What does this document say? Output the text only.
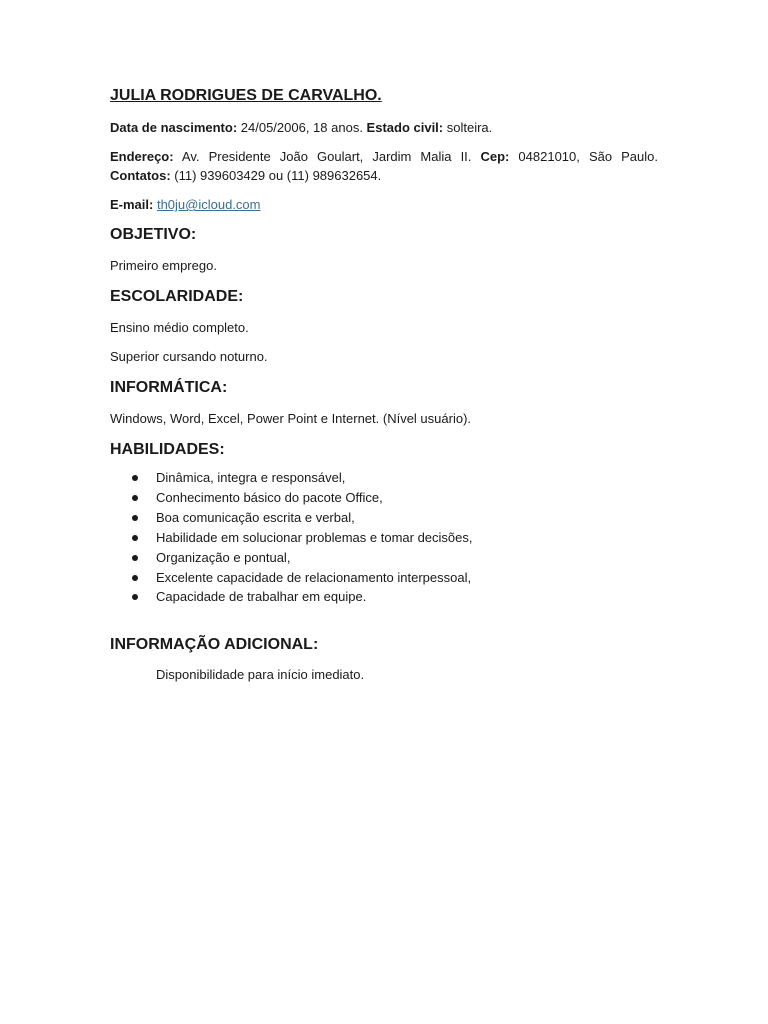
JULIA RODRIGUES DE CARVALHO.

Data de nascimento: 24/05/2006, 18 anos. Estado civil: solteira.

Endereço: Av. Presidente João Goulart, Jardim Malia II. Cep: 04821010, São Paulo.

Contatos: (11) 939603429 ou (11) 989632654.

E-mail: th0ju@icloud.com

OBJETIVO:

Primeiro emprego.

ESCOLARIDADE:

Ensino médio completo.

Superior cursando noturno.

INFORMÁTICA:

Windows, Word, Excel, Power Point e Internet. (Nível usuário).

HABILIDADES:
Dinâmica, integra e responsável,
Conhecimento básico do pacote Office,
Boa comunicação escrita e verbal,
Habilidade em solucionar problemas e tomar decisões,
Organização e pontual,
Excelente capacidade de relacionamento interpessoal,
Capacidade de trabalhar em equipe.
INFORMAÇÃO ADICIONAL:

Disponibilidade para início imediato.
